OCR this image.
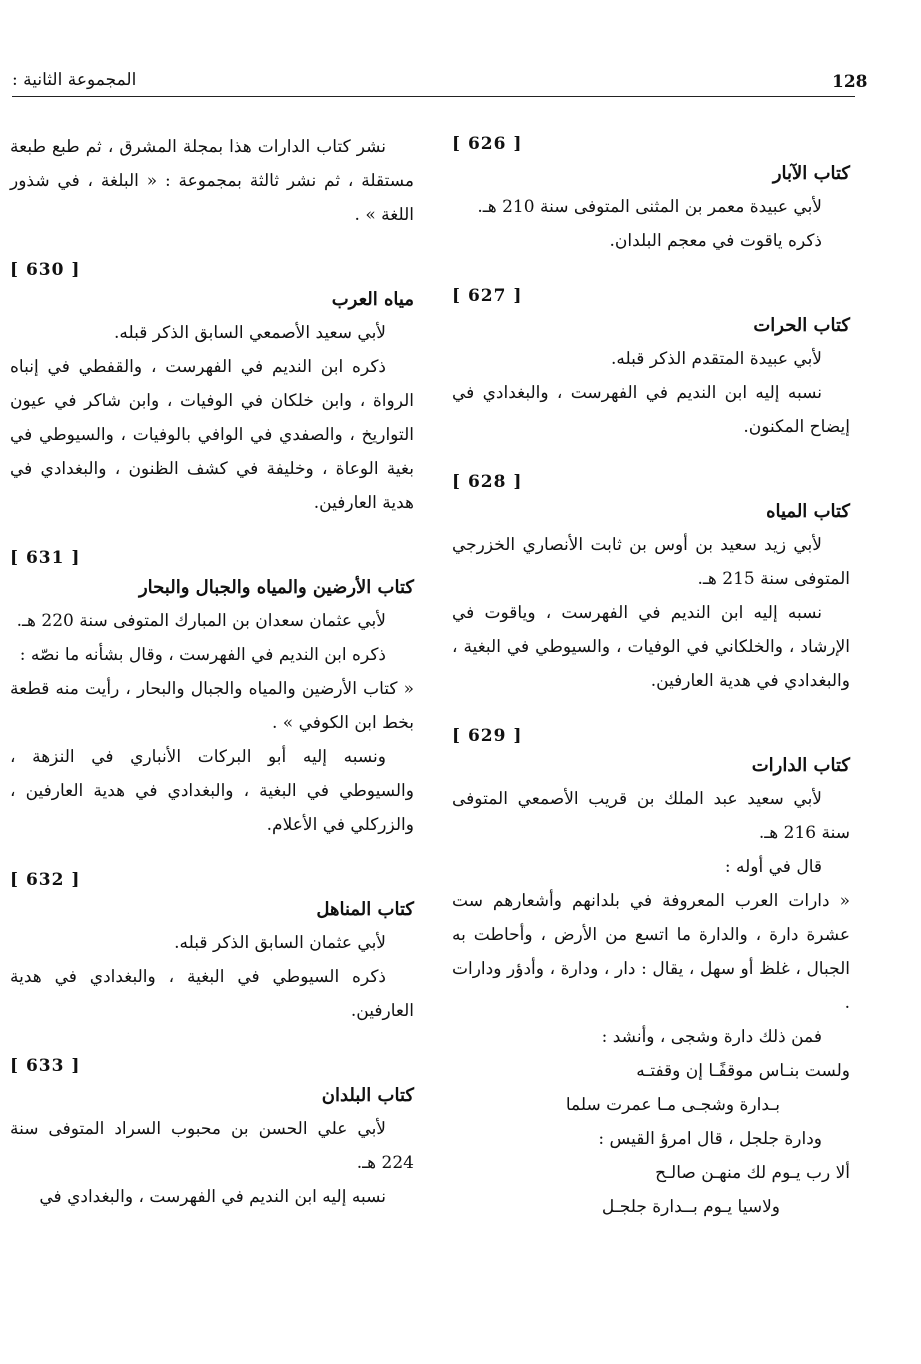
128
المجموعة الثانية :
[ 626 ]
كتاب الآبار

لأبي عبيدة معمر بن المثنى المتوفى سنة 210 هـ.

ذكره ياقوت في معجم البلدان.

[ 627 ]
كتاب الحرات

لأبي عبيدة المتقدم الذكر قبله.

نسبه إليه ابن النديم في الفهرست ، والبغدادي في إيضاح المكنون.

[ 628 ]
كتاب المياه

لأبي زيد سعيد بن أوس بن ثابت الأنصاري الخزرجي المتوفى سنة 215 هـ.

نسبه إليه ابن النديم في الفهرست ، وياقوت في الإرشاد ، والخلكاني في الوفيات ، والسيوطي في البغية ، والبغدادي في هدية العارفين.

[ 629 ]
كتاب الدارات

لأبي سعيد عبد الملك بن قريب الأصمعي المتوفى سنة 216 هـ.

قال في أوله :

« دارات العرب المعروفة في بلدانهم وأشعارهم ست عشرة دارة ، والدارة ما اتسع من الأرض ، وأحاطت به الجبال ، غلظ أو سهل ، يقال : دار ، ودارة ، وأدؤر ودارات .

فمن ذلك دارة وشجى ، وأنشد :

ولست بنـاس موقفًـا إن وقفتـه
بـدارة وشجـى مـا عمرت سلما

ودارة جلجل ، قال امرؤ القيس :

ألا رب يـوم لك منهـن صالـح
ولاسيا يـوم بــدارة جلجـل

نشر كتاب الدارات هذا بمجلة المشرق ، ثم طبع طبعة مستقلة ، ثم نشر ثالثة بمجموعة : « البلغة ، في شذور اللغة » .

[ 630 ]
مياه العرب

لأبي سعيد الأصمعي السابق الذكر قبله.

ذكره ابن النديم في الفهرست ، والقفطي في إنباه الرواة ، وابن خلكان في الوفيات ، وابن شاكر في عيون التواريخ ، والصفدي في الوافي بالوفيات ، والسيوطي في بغية الوعاة ، وخليفة في كشف الظنون ، والبغدادي في هدية العارفين.

[ 631 ]
كتاب الأرضين والمياه والجبال والبحار

لأبي عثمان سعدان بن المبارك المتوفى سنة 220 هـ.

ذكره ابن النديم في الفهرست ، وقال بشأنه ما نصّه :

« كتاب الأرضين والمياه والجبال والبحار ، رأيت منه قطعة بخط ابن الكوفي » .

ونسبه إليه أبو البركات الأنباري في النزهة ، والسيوطي في البغية ، والبغدادي في هدية العارفين ، والزركلي في الأعلام.

[ 632 ]
كتاب المناهل

لأبي عثمان السابق الذكر قبله.

ذكره السيوطي في البغية ، والبغدادي في هدية العارفين.

[ 633 ]
كتاب البلدان

لأبي علي الحسن بن محبوب السراد المتوفى سنة 224 هـ.

نسبه إليه ابن النديم في الفهرست ، والبغدادي في
